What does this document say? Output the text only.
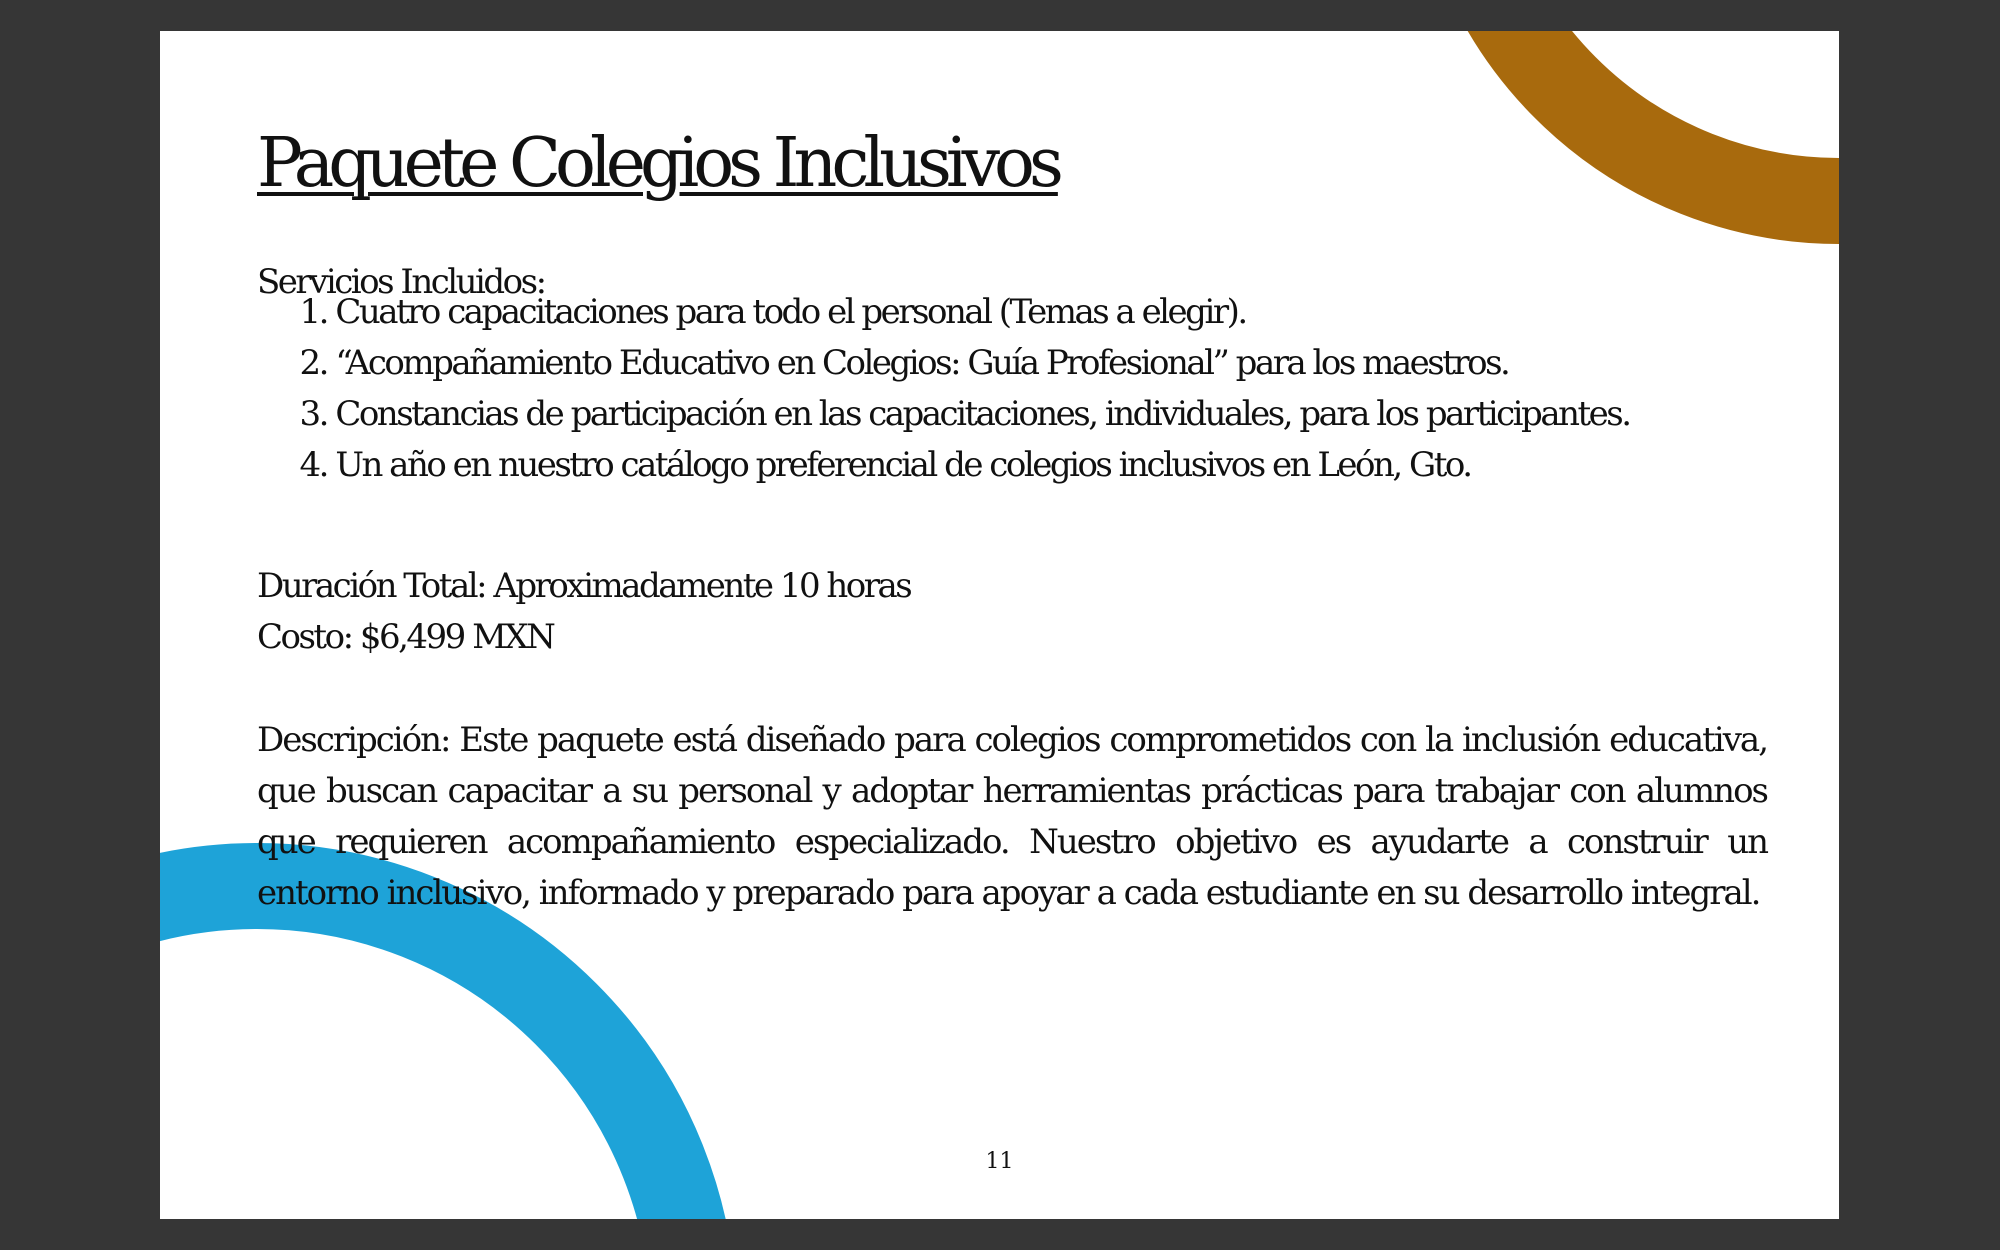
Paquete Colegios Inclusivos

Servicios Incluidos:

1. Cuatro capacitaciones para todo el personal (Temas a elegir).
2. “Acompañamiento Educativo en Colegios: Guía Profesional” para los maestros.
3. Constancias de participación en las capacitaciones, individuales, para los participantes.
4. Un año en nuestro catálogo preferencial de colegios inclusivos en León, Gto.

Duración Total: Aproximadamente 10 horas

Costo: $6,499 MXN

Descripción: Este paquete está diseñado para colegios comprometidos con la inclusión educativa, que buscan capacitar a su personal y adoptar herramientas prácticas para trabajar con alumnos que requieren acompañamiento especializado. Nuestro objetivo es ayudarte a construir un entorno inclusivo, informado y preparado para apoyar a cada estudiante en su desarrollo integral.

11
